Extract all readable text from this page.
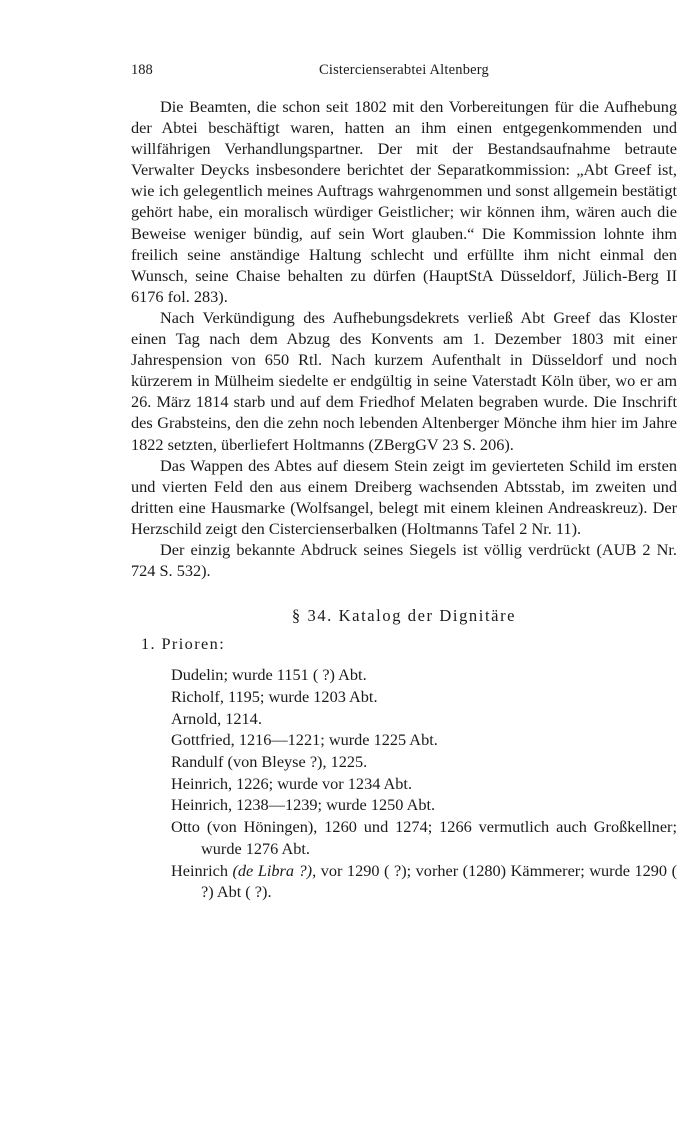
188	Cistercienserabtei Altenberg

Die Beamten, die schon seit 1802 mit den Vorbereitungen für die Aufhebung der Abtei beschäftigt waren, hatten an ihm einen entgegenkommenden und willfährigen Verhandlungspartner. Der mit der Bestandsaufnahme betraute Verwalter Deycks insbesondere berichtet der Separatkommission: „Abt Greef ist, wie ich gelegentlich meines Auftrags wahrgenommen und sonst allgemein bestätigt gehört habe, ein moralisch würdiger Geistlicher; wir können ihm, wären auch die Beweise weniger bündig, auf sein Wort glauben.“ Die Kommission lohnte ihm freilich seine anständige Haltung schlecht und erfüllte ihm nicht einmal den Wunsch, seine Chaise behalten zu dürfen (HauptStA Düsseldorf, Jülich-Berg II 6176 fol. 283).

Nach Verkündigung des Aufhebungsdekrets verließ Abt Greef das Kloster einen Tag nach dem Abzug des Konvents am 1. Dezember 1803 mit einer Jahrespension von 650 Rtl. Nach kurzem Aufenthalt in Düsseldorf und noch kürzerem in Mülheim siedelte er endgültig in seine Vaterstadt Köln über, wo er am 26. März 1814 starb und auf dem Friedhof Melaten begraben wurde. Die Inschrift des Grabsteins, den die zehn noch lebenden Altenberger Mönche ihm hier im Jahre 1822 setzten, überliefert Holtmanns (ZBergGV 23 S. 206).

Das Wappen des Abtes auf diesem Stein zeigt im gevierteten Schild im ersten und vierten Feld den aus einem Dreiberg wachsenden Abtsstab, im zweiten und dritten eine Hausmarke (Wolfsangel, belegt mit einem kleinen Andreaskreuz). Der Herzschild zeigt den Cistercienserbalken (Holtmanns Tafel 2 Nr. 11).

Der einzig bekannte Abdruck seines Siegels ist völlig verdrückt (AUB 2 Nr. 724 S. 532).

§ 34. Katalog der Dignitäre
1. Prioren:
Dudelin; wurde 1151 ( ?) Abt.
Richolf, 1195; wurde 1203 Abt.
Arnold, 1214.
Gottfried, 1216—1221; wurde 1225 Abt.
Randulf (von Bleyse ?), 1225.
Heinrich, 1226; wurde vor 1234 Abt.
Heinrich, 1238—1239; wurde 1250 Abt.
Otto (von Höningen), 1260 und 1274; 1266 vermutlich auch Großkellner; wurde 1276 Abt.
Heinrich (de Libra ?), vor 1290 ( ?); vorher (1280) Kämmerer; wurde 1290 ( ?) Abt ( ?).
